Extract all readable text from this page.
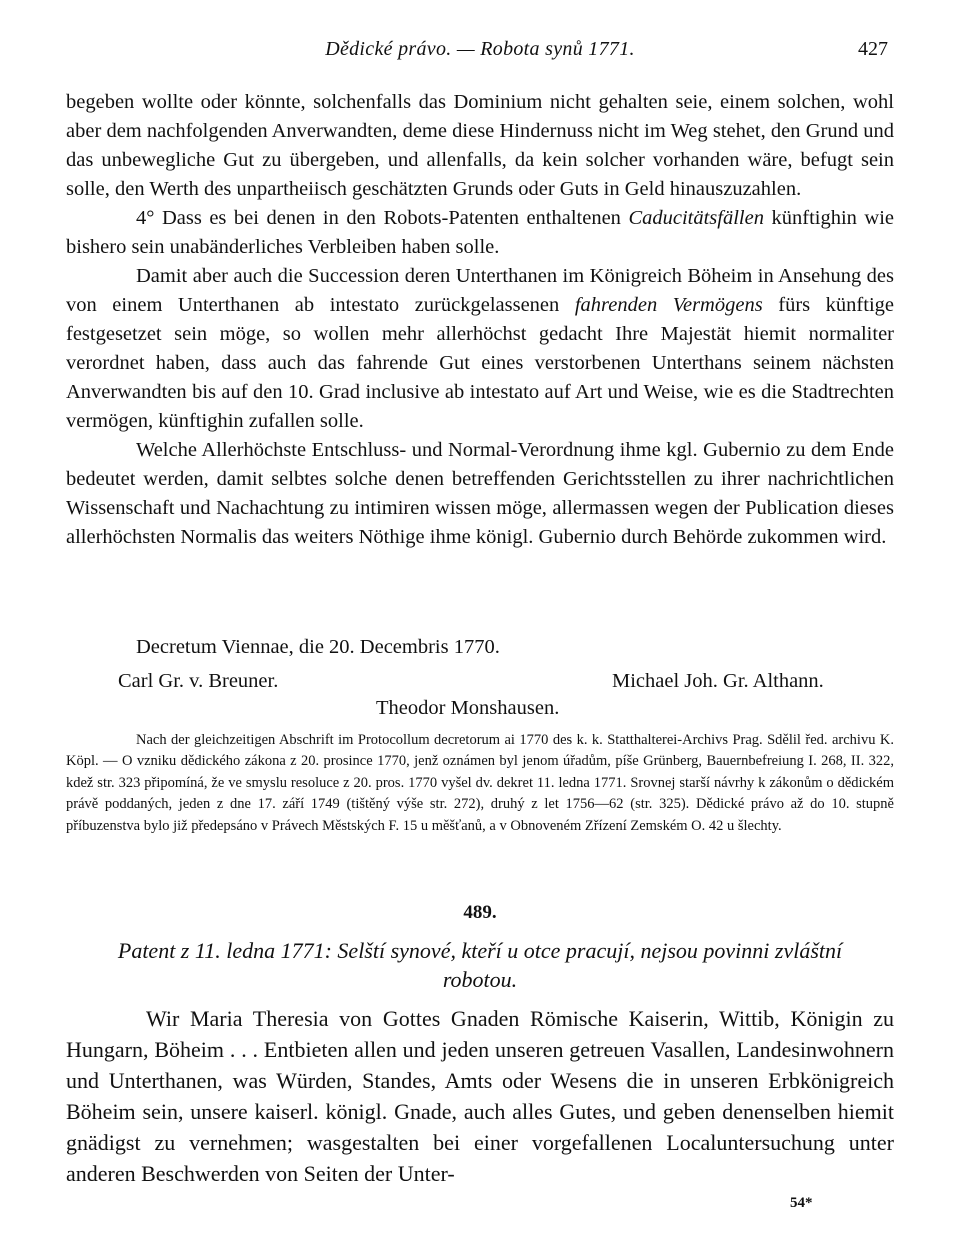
Dědické právo. — Robota synů 1771.	427

begeben wollte oder könnte, solchenfalls das Dominium nicht gehalten seie, einem solchen, wohl aber dem nachfolgenden Anverwandten, deme diese Hindernuss nicht im Weg stehet, den Grund und das unbewegliche Gut zu übergeben, und allenfalls, da kein solcher vorhanden wäre, befugt sein solle, den Werth des unpartheiisch geschätzten Grunds oder Guts in Geld hinauszuzahlen.

4° Dass es bei denen in den Robots-Patenten enthaltenen Caducitätsfällen künftighin wie bishero sein unabänderliches Verbleiben haben solle.

Damit aber auch die Succession deren Unterthanen im Königreich Böheim in Ansehung des von einem Unterthanen ab intestato zurückgelassenen fahrenden Vermögens fürs künftige festgesetzet sein möge, so wollen mehr allerhöchst gedacht Ihre Majestät hiemit normaliter verordnet haben, dass auch das fahrende Gut eines verstorbenen Unterthans seinem nächsten Anverwandten bis auf den 10. Grad inclusive ab intestato auf Art und Weise, wie es die Stadtrechten vermögen, künftighin zufallen solle.

Welche Allerhöchste Entschluss- und Normal-Verordnung ihme kgl. Gubernio zu dem Ende bedeutet werden, damit selbtes solche denen betreffenden Gerichtsstellen zu ihrer nachrichtlichen Wissenschaft und Nachachtung zu intimiren wissen möge, allermassen wegen der Publication dieses allerhöchsten Normalis das weiters Nöthige ihme königl. Gubernio durch Behörde zukommen wird.

Decretum Viennae, die 20. Decembris 1770.
Carl Gr. v. Breuner.	Michael Joh. Gr. Althann.
Theodor Monshausen.

Nach der gleichzeitigen Abschrift im Protocollum decretorum ai 1770 des k. k. Statthalterei-Archivs Prag. Sdělil řed. archivu K. Köpl. — O vzniku dědického zákona z 20. prosince 1770, jenž oznámen byl jenom úřadům, píše Grünberg, Bauernbefreiung I. 268, II. 322, kdež str. 323 připomíná, že ve smyslu resoluce z 20. pros. 1770 vyšel dv. dekret 11. ledna 1771. Srovnej starší návrhy k zákonům o dědickém právě poddaných, jeden z dne 17. září 1749 (tištěný výše str. 272), druhý z let 1756—62 (str. 325). Dědické právo až do 10. stupně příbuzenstva bylo již předepsáno v Právech Městských F. 15 u měšťanů, a v Obnoveném Zřízení Zemském O. 42 u šlechty.

489.
Patent z 11. ledna 1771: Selští synové, kteří u otce pracují, nejsou povinni zvláštní robotou.

Wir Maria Theresia von Gottes Gnaden Römische Kaiserin, Wittib, Königin zu Hungarn, Böheim . . . Entbieten allen und jeden unseren getreuen Vasallen, Landesinwohnern und Unterthanen, was Würden, Standes, Amts oder Wesens die in unseren Erbkönigreich Böheim sein, unsere kaiserl. königl. Gnade, auch alles Gutes, und geben denenselben hiemit gnädigst zu vernehmen; wasgestalten bei einer vorgefallenen Localuntersuchung unter anderen Beschwerden von Seiten der Unter-

54*
